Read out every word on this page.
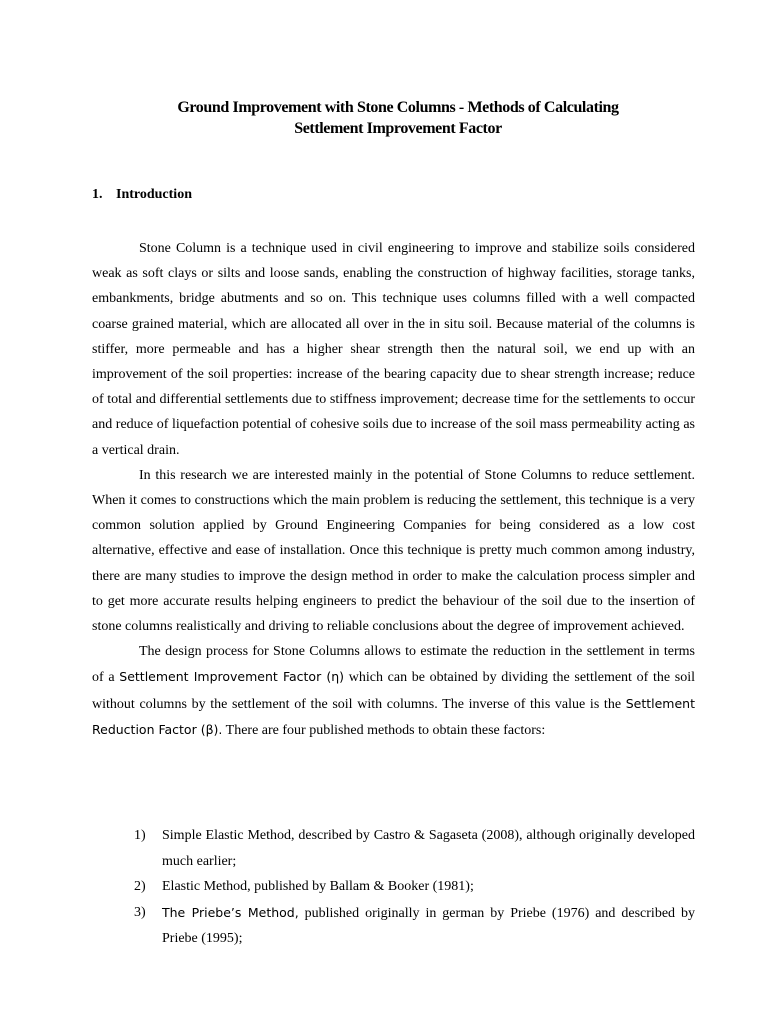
Ground Improvement with Stone Columns - Methods of Calculating
Settlement Improvement Factor
1. Introduction

Stone Column is a technique used in civil engineering to improve and stabilize soils considered weak as soft clays or silts and loose sands, enabling the construction of highway facilities, storage tanks, embankments, bridge abutments and so on. This technique uses columns filled with a well compacted coarse grained material, which are allocated all over in the in situ soil. Because material of the columns is stiffer, more permeable and has a higher shear strength then the natural soil, we end up with an improvement of the soil properties: increase of the bearing capacity due to shear strength increase; reduce of total and differential settlements due to stiffness improvement; decrease time for the settlements to occur and reduce of liquefaction potential of cohesive soils due to increase of the soil mass permeability acting as a vertical drain.

In this research we are interested mainly in the potential of Stone Columns to reduce settlement. When it comes to constructions which the main problem is reducing the settlement, this technique is a very common solution applied by Ground Engineering Companies for being considered as a low cost alternative, effective and ease of installation. Once this technique is pretty much common among industry, there are many studies to improve the design method in order to make the calculation process simpler and to get more accurate results helping engineers to predict the behaviour of the soil due to the insertion of stone columns realistically and driving to reliable conclusions about the degree of improvement achieved.

The design process for Stone Columns allows to estimate the reduction in the settlement in terms of a Settlement Improvement Factor (η) which can be obtained by dividing the settlement of the soil without columns by the settlement of the soil with columns. The inverse of this value is the Settlement Reduction Factor (β). There are four published methods to obtain these factors:

1) Simple Elastic Method, described by Castro & Sagaseta (2008), although originally developed much earlier;
2) Elastic Method, published by Ballam & Booker (1981);
3) The Priebe’s Method, published originally in german by Priebe (1976) and described by Priebe (1995);
